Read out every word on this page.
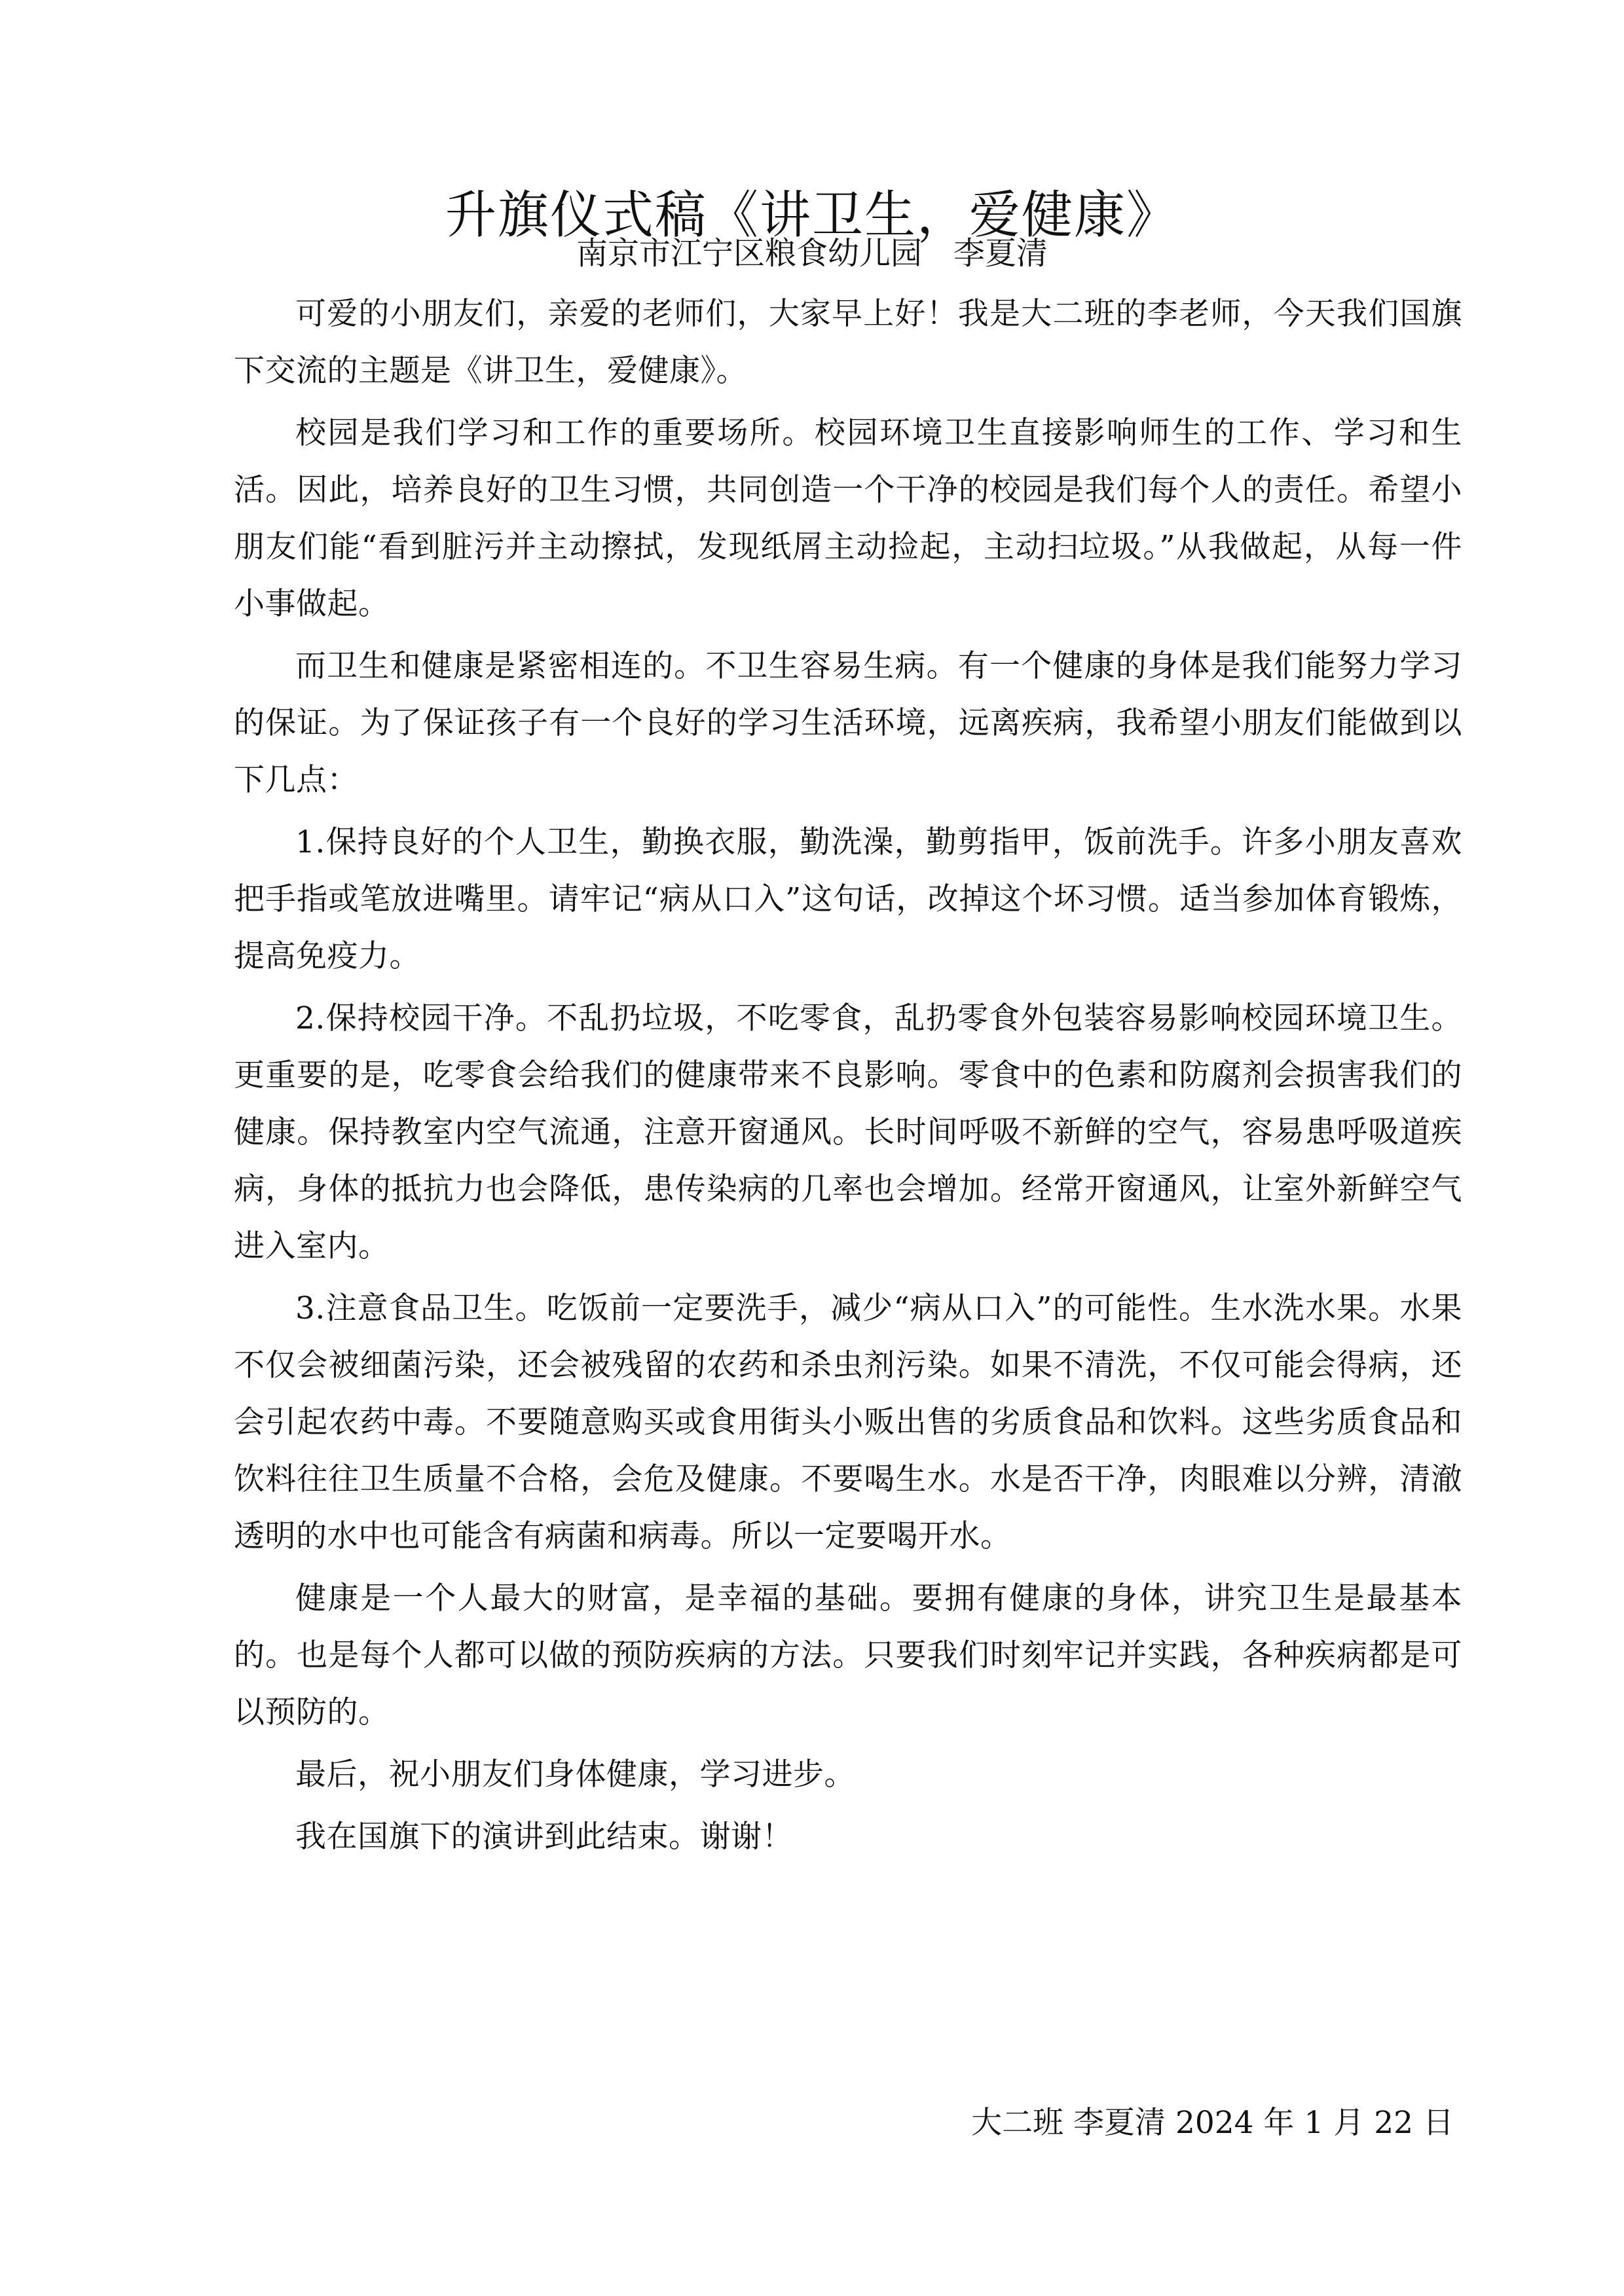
升旗仪式稿《讲卫生，爱健康》
南京市江宁区粮食幼儿园　李夏清

可爱的小朋友们，亲爱的老师们，大家早上好！我是大二班的李老师，今天我们国旗下交流的主题是《讲卫生，爱健康》。

校园是我们学习和工作的重要场所。校园环境卫生直接影响师生的工作、学习和生活。因此，培养良好的卫生习惯，共同创造一个干净的校园是我们每个人的责任。希望小朋友们能“看到脏污并主动擦拭，发现纸屑主动捡起，主动扫垃圾。”从我做起，从每一件小事做起。

而卫生和健康是紧密相连的。不卫生容易生病。有一个健康的身体是我们能努力学习的保证。为了保证孩子有一个良好的学习生活环境，远离疾病，我希望小朋友们能做到以下几点：

1.保持良好的个人卫生，勤换衣服，勤洗澡，勤剪指甲，饭前洗手。许多小朋友喜欢把手指或笔放进嘴里。请牢记“病从口入”这句话，改掉这个坏习惯。适当参加体育锻炼，提高免疫力。

2.保持校园干净。不乱扔垃圾，不吃零食，乱扔零食外包装容易影响校园环境卫生。更重要的是，吃零食会给我们的健康带来不良影响。零食中的色素和防腐剂会损害我们的健康。保持教室内空气流通，注意开窗通风。长时间呼吸不新鲜的空气，容易患呼吸道疾病，身体的抵抗力也会降低，患传染病的几率也会增加。经常开窗通风，让室外新鲜空气进入室内。

3.注意食品卫生。吃饭前一定要洗手，减少“病从口入”的可能性。生水洗水果。水果不仅会被细菌污染，还会被残留的农药和杀虫剂污染。如果不清洗，不仅可能会得病，还会引起农药中毒。不要随意购买或食用街头小贩出售的劣质食品和饮料。这些劣质食品和饮料往往卫生质量不合格，会危及健康。不要喝生水。水是否干净，肉眼难以分辨，清澈透明的水中也可能含有病菌和病毒。所以一定要喝开水。

健康是一个人最大的财富，是幸福的基础。要拥有健康的身体，讲究卫生是最基本的。也是每个人都可以做的预防疾病的方法。只要我们时刻牢记并实践，各种疾病都是可以预防的。

最后，祝小朋友们身体健康，学习进步。

我在国旗下的演讲到此结束。谢谢！

大二班 李夏清 2024 年 1 月 22 日
